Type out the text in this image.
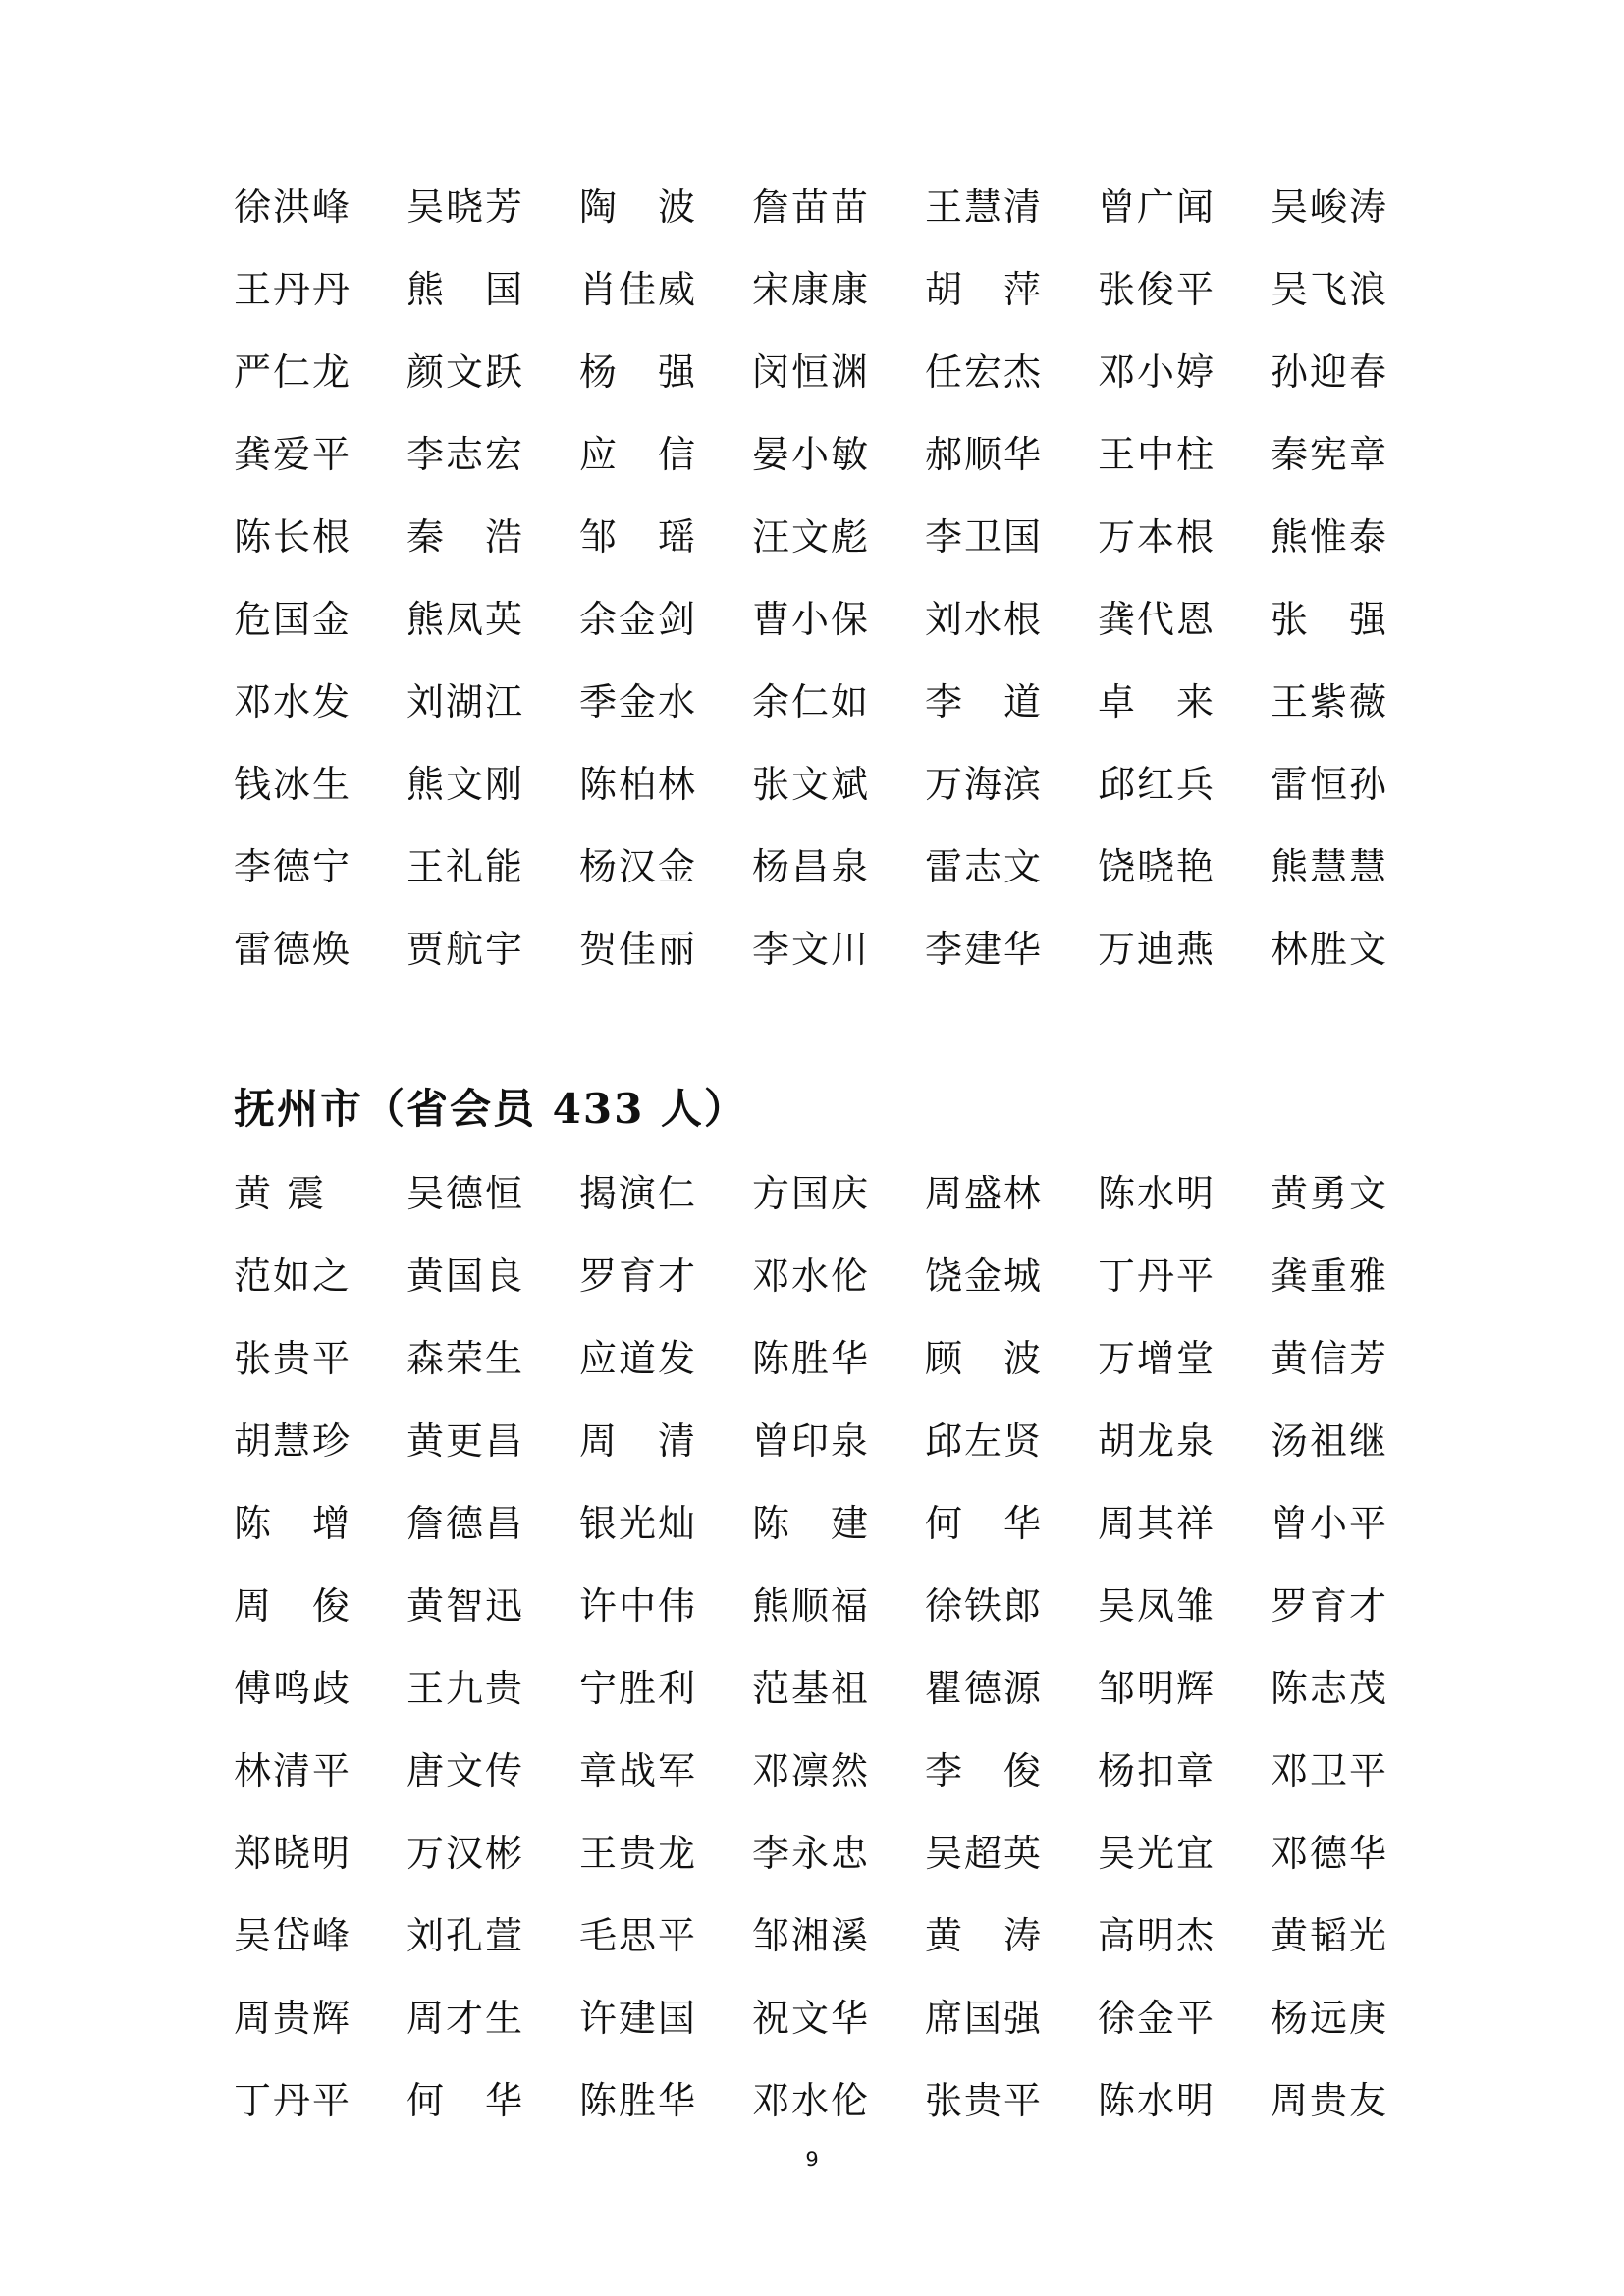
徐洪峰 吴晓芳 陶　波 詹苗苗 王慧清 曾广闻 吴峻涛
王丹丹 熊　国 肖佳威 宋康康 胡　萍 张俊平 吴飞浪
严仁龙 颜文跃 杨　强 闵恒渊 任宏杰 邓小婷 孙迎春
龚爱平 李志宏 应　信 晏小敏 郝顺华 王中柱 秦宪章
陈长根 秦　浩 邹　瑶 汪文彪 李卫国 万本根 熊惟泰
危国金 熊凤英 余金剑 曹小保 刘水根 龚代恩 张　强
邓水发 刘湖江 季金水 余仁如 李　道 卓　来 王紫薇
钱冰生 熊文刚 陈柏林 张文斌 万海滨 邱红兵 雷恒孙
李德宁 王礼能 杨汉金 杨昌泉 雷志文 饶晓艳 熊慧慧
雷德焕 贾航宇 贺佳丽 李文川 李建华 万迪燕 林胜文
抚州市（省会员 433 人）
黄 震 吴德恒 揭演仁 方国庆 周盛林 陈水明 黄勇文
范如之 黄国良 罗育才 邓水伦 饶金城 丁丹平 龚重雅
张贵平 森荣生 应道发 陈胜华 顾　波 万增堂 黄信芳
胡慧珍 黄更昌 周　清 曾印泉 邱左贤 胡龙泉 汤祖继
陈　增 詹德昌 银光灿 陈　建 何　华 周其祥 曾小平
周　俊 黄智迅 许中伟 熊顺福 徐铁郎 吴凤雏 罗育才
傅鸣歧 王九贵 宁胜利 范基祖 瞿德源 邹明辉 陈志茂
林清平 唐文传 章战军 邓凛然 李　俊 杨扣章 邓卫平
郑晓明 万汉彬 王贵龙 李永忠 吴超英 吴光宜 邓德华
吴岱峰 刘孔萱 毛思平 邹湘溪 黄　涛 高明杰 黄韬光
周贵辉 周才生 许建国 祝文华 席国强 徐金平 杨远庚
丁丹平 何　华 陈胜华 邓水伦 张贵平 陈水明 周贵友
9
